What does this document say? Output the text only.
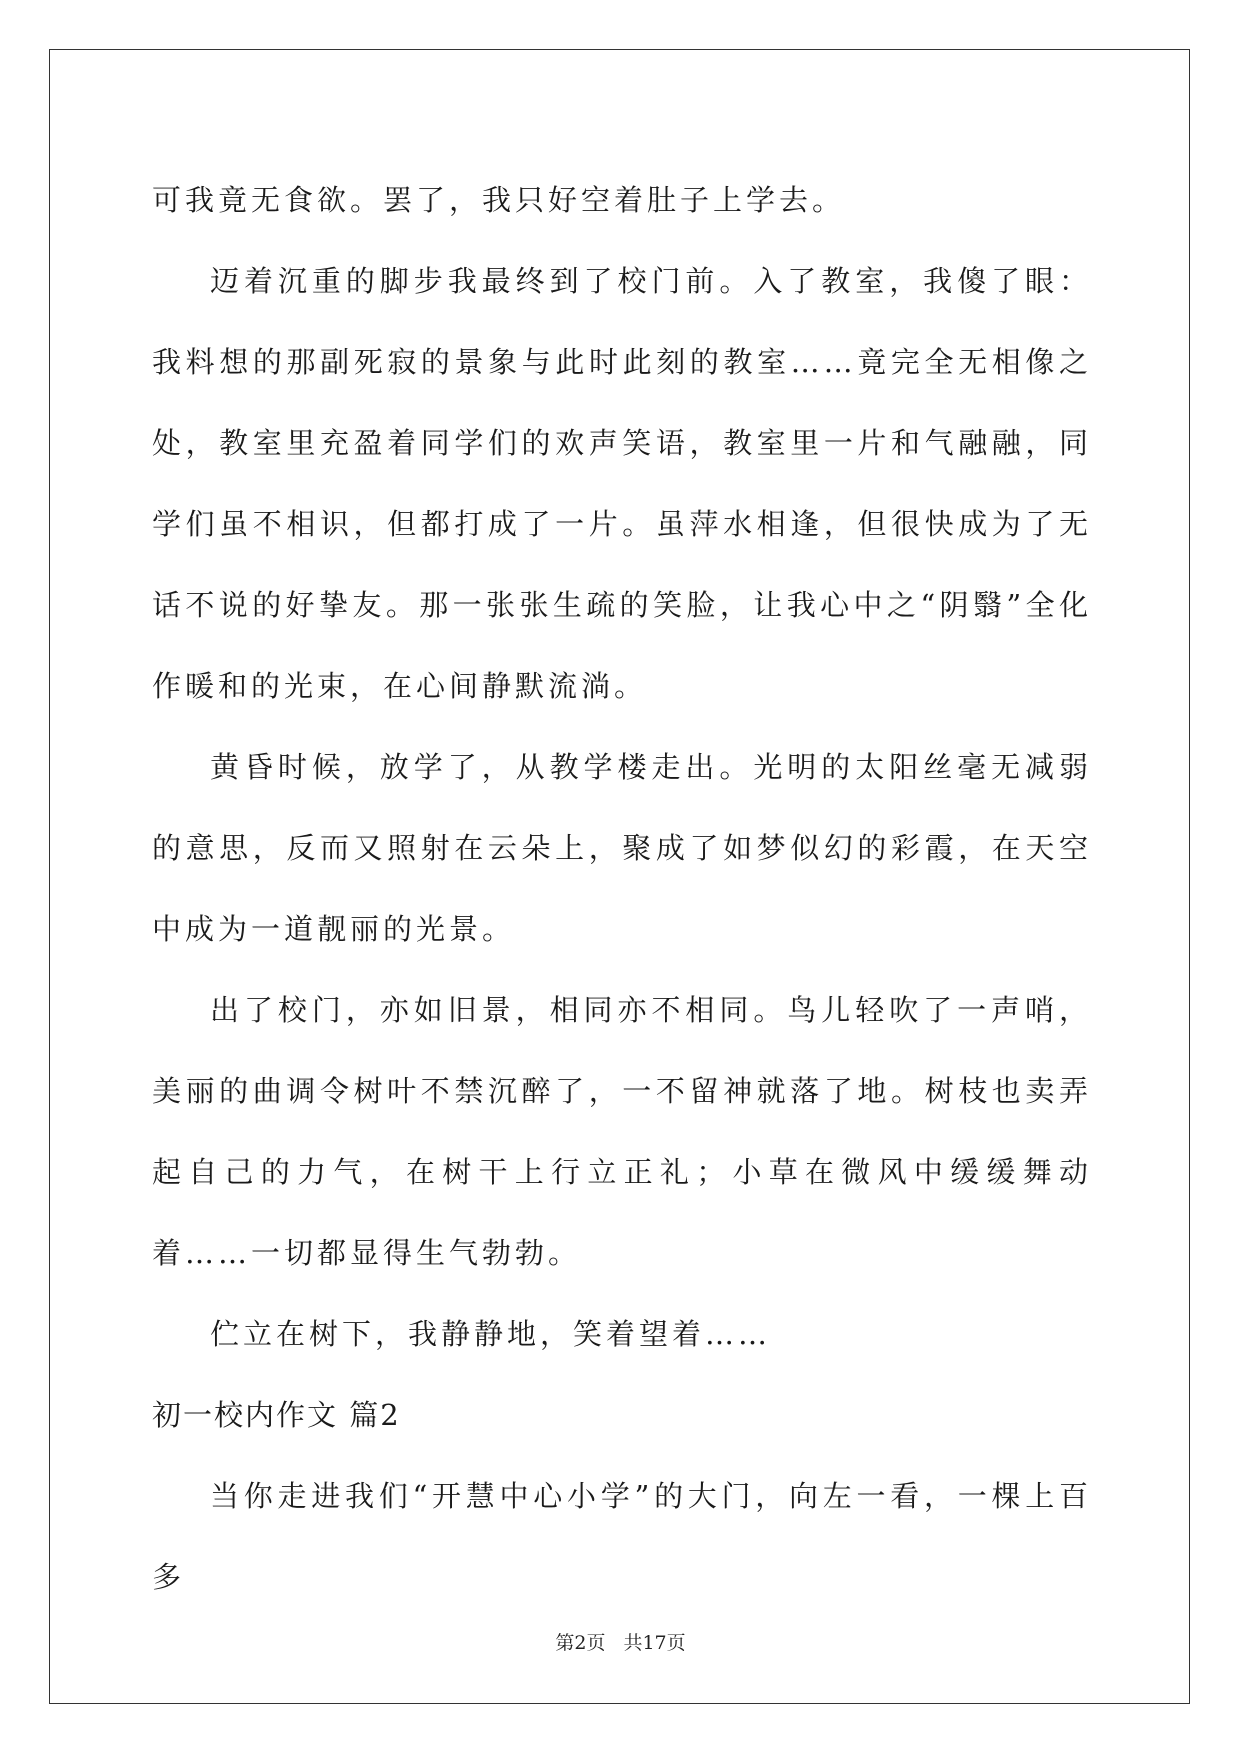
可我竟无食欲。罢了，我只好空着肚子上学去。

迈着沉重的脚步我最终到了校门前。入了教室，我傻了眼：我料想的那副死寂的景象与此时此刻的教室……竟完全无相像之处，教室里充盈着同学们的欢声笑语，教室里一片和气融融，同学们虽不相识，但都打成了一片。虽萍水相逢，但很快成为了无话不说的好挚友。那一张张生疏的笑脸，让我心中之“阴翳”全化作暖和的光束，在心间静默流淌。

黄昏时候，放学了，从教学楼走出。光明的太阳丝毫无减弱的意思，反而又照射在云朵上，聚成了如梦似幻的彩霞，在天空中成为一道靓丽的光景。

出了校门，亦如旧景，相同亦不相同。鸟儿轻吹了一声哨，美丽的曲调令树叶不禁沉醉了，一不留神就落了地。树枝也卖弄起自己的力气，在树干上行立正礼；小草在微风中缓缓舞动着……一切都显得生气勃勃。

伫立在树下，我静静地，笑着望着……

初一校内作文 篇2

当你走进我们“开慧中心小学”的大门，向左一看，一棵上百多

第2页 共17页
